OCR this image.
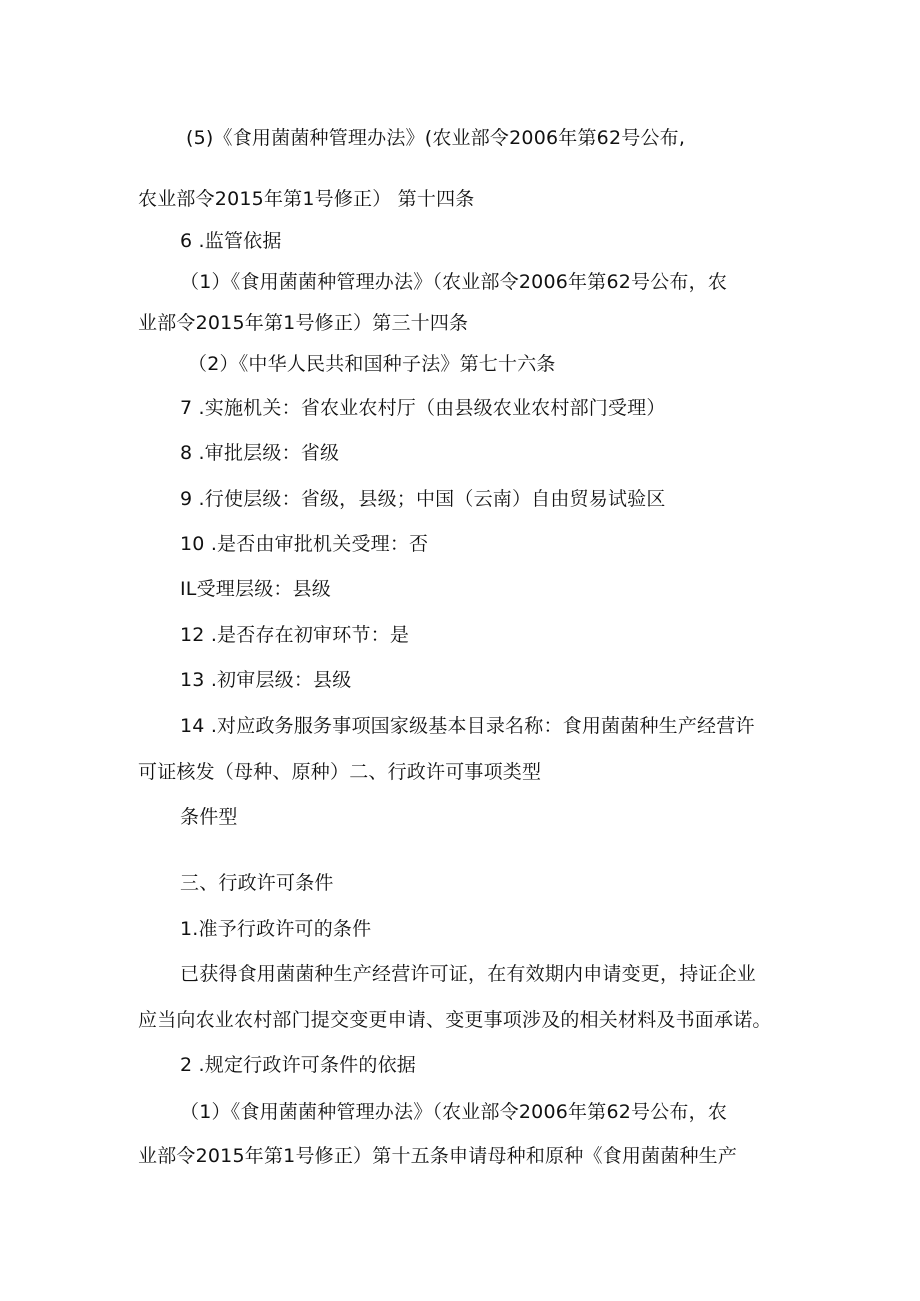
(5)《食用菌菌种管理办法》(农业部令2006年第62号公布,
农业部令2015年第1号修正） 第十四条
6 .监管依据
（1）《食用菌菌种管理办法》（农业部令2006年第62号公布，农
业部令2015年第1号修正）第三十四条
（2）《中华人民共和国种子法》第七十六条
7 .实施机关：省农业农村厅（由县级农业农村部门受理）
8 .审批层级：省级
9 .行使层级：省级，县级；中国（云南）自由贸易试验区
10 .是否由审批机关受理：否
IL受理层级：县级
12 .是否存在初审环节：是
13 .初审层级：县级
14 .对应政务服务事项国家级基本目录名称：食用菌菌种生产经营许
可证核发（母种、原种）二、行政许可事项类型
条件型
三、行政许可条件
1.准予行政许可的条件
已获得食用菌菌种生产经营许可证，在有效期内申请变更，持证企业
应当向农业农村部门提交变更申请、变更事项涉及的相关材料及书面承诺。
2 .规定行政许可条件的依据
（1）《食用菌菌种管理办法》（农业部令2006年第62号公布，农
业部令2015年第1号修正）第十五条申请母种和原种《食用菌菌种生产
